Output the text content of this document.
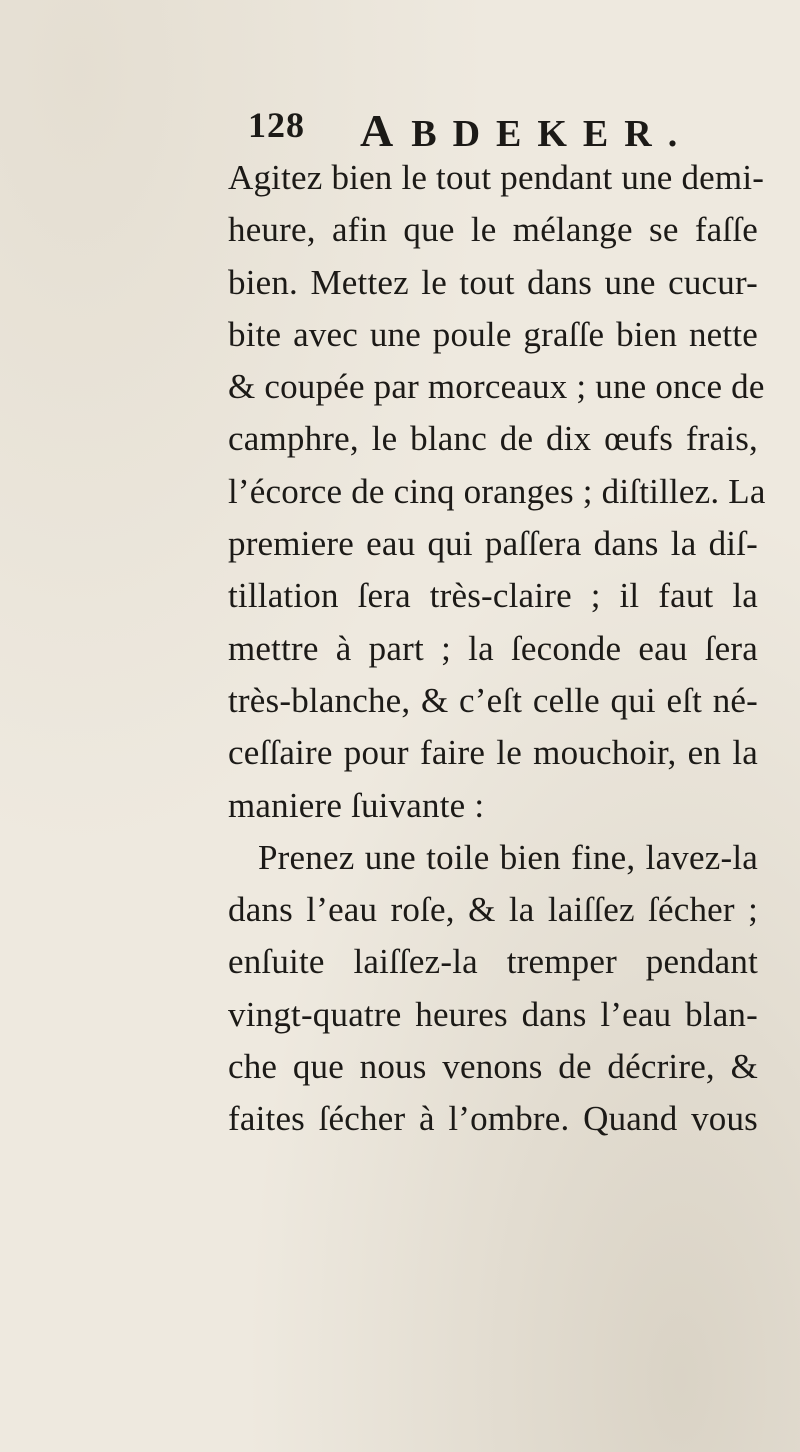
128 ABDEKER.
Agitez bien le tout pendant une demi-
heure, afin que le mélange se faſſe
bien. Mettez le tout dans une cucur-
bite avec une poule graſſe bien nette
& coupée par morceaux ; une once de
camphre, le blanc de dix œufs frais,
l’écorce de cinq oranges ; diſtillez. La
premiere eau qui paſſera dans la diſ-
tillation ſera très-claire ; il faut la
mettre à part ; la ſeconde eau ſera
très-blanche, & c’eſt celle qui eſt né-
ceſſaire pour faire le mouchoir, en la
maniere ſuivante :
Prenez une toile bien fine, lavez-la
dans l’eau roſe, & la laiſſez ſécher ;
enſuite laiſſez-la tremper pendant
vingt-quatre heures dans l’eau blan-
che que nous venons de décrire, &
faites ſécher à l’ombre. Quand vous
